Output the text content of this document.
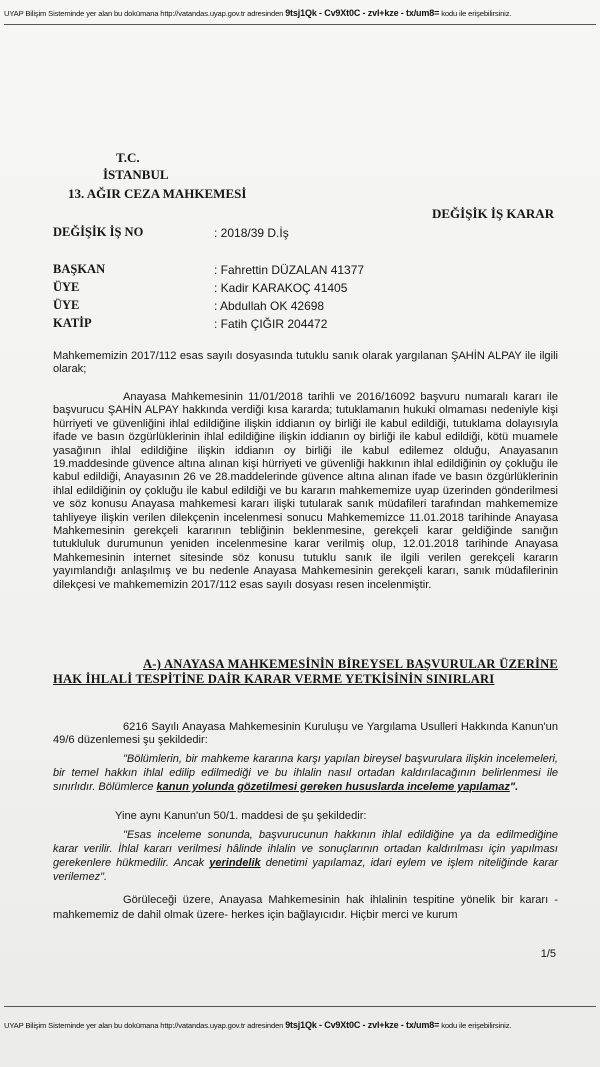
UYAP Bilişim Sisteminde yer alan bu dokümana http://vatandas.uyap.gov.tr adresinden 9tsj1Qk - Cv9Xt0C - zvl+kze - tx/um8= kodu ile erişebilirsiniz.
T.C.
İSTANBUL
13. AĞIR CEZA MAHKEMESİ
DEĞİŞİK İŞ KARAR
DEĞİŞİK İŞ NO	: 2018/39 D.İş
BAŞKAN	: Fahrettin DÜZALAN 41377
ÜYE	: Kadir KARAKOÇ 41405
ÜYE	: Abdullah OK 42698
KATİP	: Fatih ÇIĞIR 204472
Mahkememizin 2017/112 esas sayılı dosyasında tutuklu sanık olarak yargılanan ŞAHİN ALPAY ile ilgili olarak;
Anayasa Mahkemesinin 11/01/2018 tarihli ve 2016/16092 başvuru numaralı kararı ile başvurucu ŞAHİN ALPAY hakkında verdiği kısa kararda; tutuklamanın hukuki olmaması nedeniyle kişi hürriyeti ve güvenliğini ihlal edildiğine ilişkin iddianın oy birliği ile kabul edildiği, tutuklama dolayısıyla ifade ve basın özgürlüklerinin ihlal edildiğine ilişkin iddianın oy birliği ile kabul edildiği, kötü muamele yasağının ihlal edildiğine ilişkin iddianın oy birliği ile kabul edilemez olduğu, Anayasanın 19.maddesinde güvence altına alınan kişi hürriyeti ve güvenliği hakkının ihlal edildiğinin oy çokluğu ile kabul edildiği, Anayasının 26 ve 28.maddelerinde güvence altına alınan ifade ve basın özgürlüklerinin ihlal edildiğinin oy çokluğu ile kabul edildiği ve bu kararın mahkememize uyap üzerinden gönderilmesi ve söz konusu Anayasa mahkemesi kararı ilişki tutularak sanık müdafileri tarafından mahkememize tahliyeye ilişkin verilen dilekçenin incelenmesi sonucu Mahkememizce 11.01.2018 tarihinde Anayasa Mahkemesinin gerekçeli kararının tebliğinin beklenmesine, gerekçeli karar geldiğinde sanığın tutukluluk durumunun yeniden incelenmesine karar verilmiş olup, 12.01.2018 tarihinde Anayasa Mahkemesinin internet sitesinde söz konusu tutuklu sanık ile ilgili verilen gerekçeli kararın yayımlandığı anlaşılmış ve bu nedenle Anayasa Mahkemesinin gerekçeli kararı, sanık müdafilerinin dilekçesi ve mahkememizin 2017/112 esas sayılı dosyası resen incelenmiştir.
A-) ANAYASA MAHKEMESİNİN BİREYSEL BAŞVURULAR ÜZERİNE HAK İHLALİ TESPİTİNE DAİR KARAR VERME YETKİSİNİN SINIRLARI
6216 Sayılı Anayasa Mahkemesinin Kuruluşu ve Yargılama Usulleri Hakkında Kanun'un 49/6 düzenlemesi şu şekildedir:
"Bölümlerin, bir mahkeme kararına karşı yapılan bireysel başvurulara ilişkin incelemeleri, bir temel hakkın ihlal edilip edilmediği ve bu ihlalin nasıl ortadan kaldırılacağının belirlenmesi ile sınırlıdır. Bölümlerce kanun yolunda gözetilmesi gereken hususlarda inceleme yapılamaz".
Yine aynı Kanun'un 50/1. maddesi de şu şekildedir:
"Esas inceleme sonunda, başvurucunun hakkının ihlal edildiğine ya da edilmediğine karar verilir. İhlal kararı verilmesi hâlinde ihlalin ve sonuçlarının ortadan kaldırılması için yapılması gerekenlere hükmedilir. Ancak yerindelik denetimi yapılamaz, idari eylem ve işlem niteliğinde karar verilemez".
Görüleceği üzere, Anayasa Mahkemesinin hak ihlalinin tespitine yönelik bir kararı -mahkememiz de dahil olmak üzere- herkes için bağlayıcıdır. Hiçbir merci ve kurum
1/5
UYAP Bilişim Sisteminde yer alan bu dokümana http://vatandas.uyap.gov.tr adresinden 9tsj1Qk - Cv9Xt0C - zvl+kze - tx/um8= kodu ile erişebilirsiniz.
